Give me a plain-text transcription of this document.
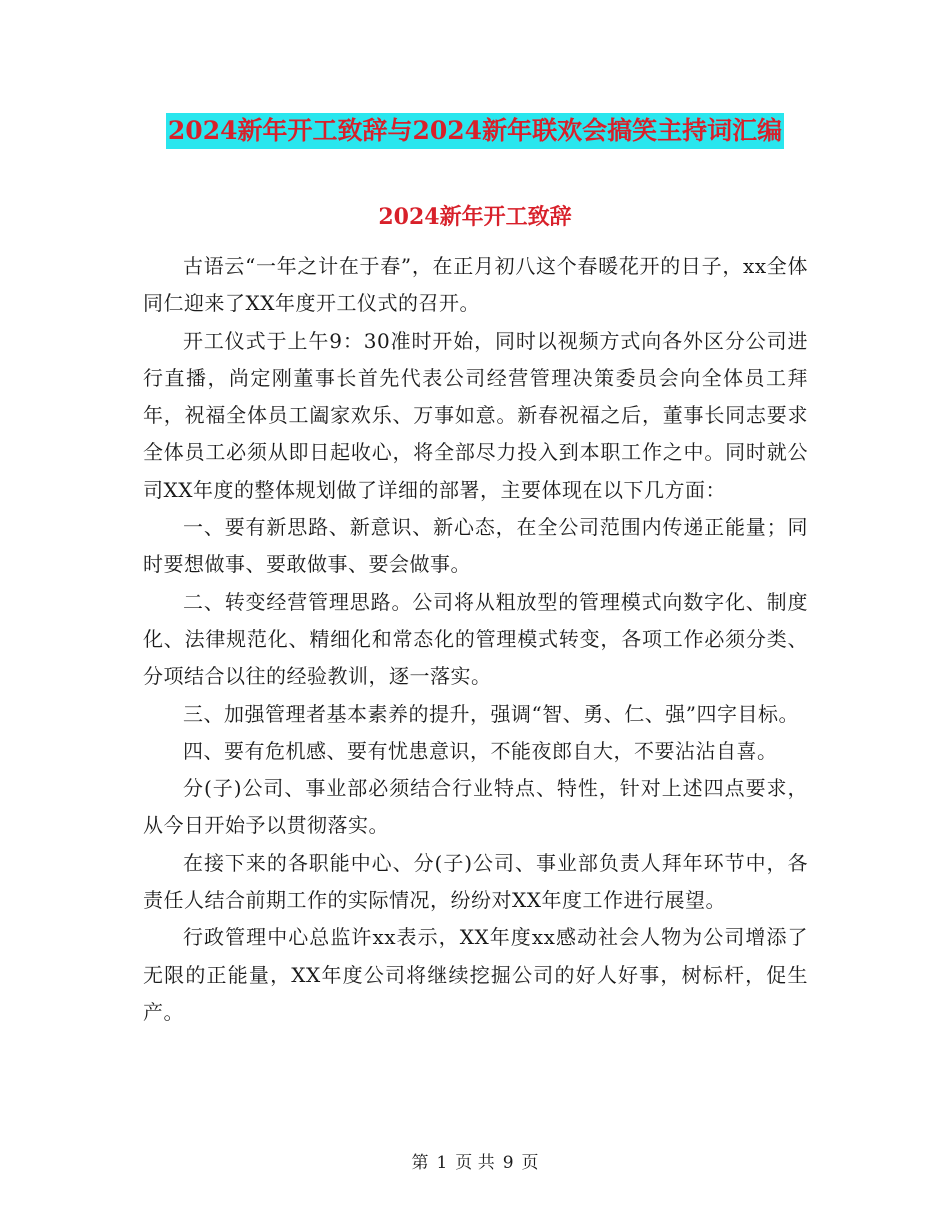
2024新年开工致辞与2024新年联欢会搞笑主持词汇编
2024新年开工致辞

古语云“一年之计在于春”，在正月初八这个春暖花开的日子，xx全体同仁迎来了XX年度开工仪式的召开。

开工仪式于上午9：30准时开始，同时以视频方式向各外区分公司进行直播，尚定刚董事长首先代表公司经营管理决策委员会向全体员工拜年，祝福全体员工阖家欢乐、万事如意。新春祝福之后，董事长同志要求全体员工必须从即日起收心，将全部尽力投入到本职工作之中。同时就公司XX年度的整体规划做了详细的部署，主要体现在以下几方面：

一、要有新思路、新意识、新心态，在全公司范围内传递正能量；同时要想做事、要敢做事、要会做事。

二、转变经营管理思路。公司将从粗放型的管理模式向数字化、制度化、法律规范化、精细化和常态化的管理模式转变，各项工作必须分类、分项结合以往的经验教训，逐一落实。

三、加强管理者基本素养的提升，强调“智、勇、仁、强”四字目标。

四、要有危机感、要有忧患意识，不能夜郎自大，不要沾沾自喜。

分(子)公司、事业部必须结合行业特点、特性，针对上述四点要求，从今日开始予以贯彻落实。

在接下来的各职能中心、分(子)公司、事业部负责人拜年环节中，各责任人结合前期工作的实际情况，纷纷对XX年度工作进行展望。

行政管理中心总监许xx表示，XX年度xx感动社会人物为公司增添了无限的正能量，XX年度公司将继续挖掘公司的好人好事，树标杆，促生产。

第 1 页 共 9 页
